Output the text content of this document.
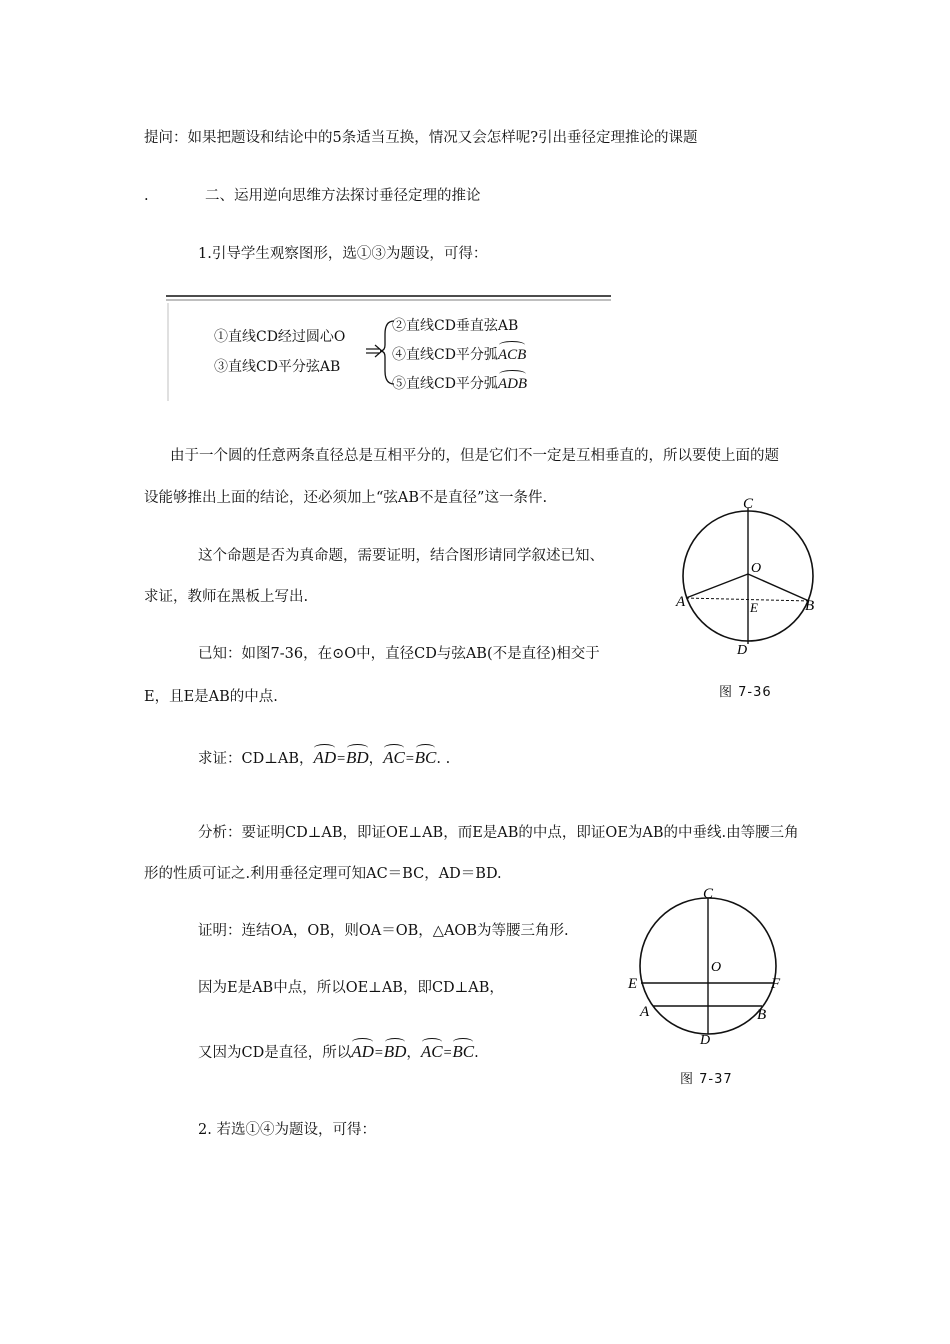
提问：如果把题设和结论中的5条适当互换，情况又会怎样呢?引出垂径定理推论的课题
.	二、运用逆向思维方法探讨垂径定理的推论
1.引导学生观察图形，选①③为题设，可得：
①直线CD经过圆心O
③直线CD平分弦AB
②直线CD垂直弦AB
④直线CD平分弧ACB
⑤直线CD平分弧ADB
由于一个圆的任意两条直径总是互相平分的，但是它们不一定是互相垂直的，所以要使上面的题
设能够推出上面的结论，还必须加上“弦AB不是直径”这一条件.
这个命题是否为真命题，需要证明，结合图形请同学叙述已知、
求证，教师在黑板上写出.
已知：如图7-36，在⊙O中，直径CD与弦AB(不是直径)相交于
E，且E是AB的中点.
求证：CD⊥AB，AD=BD，AC=BC. .
分析：要证明CD⊥AB，即证OE⊥AB，而E是AB的中点，即证OE为AB的中垂线.由等腰三角
形的性质可证之.利用垂径定理可知AC＝BC，AD＝BD.
证明：连结OA，OB，则OA＝OB，△AOB为等腰三角形.
因为E是AB中点，所以OE⊥AB，即CD⊥AB，
又因为CD是直径，所以AD=BD，AC=BC.
2. 若选①④为题设，可得：
C
O
A	E	B
D
图 7-36
C
O
E	F
A	B
D
图 7-37
